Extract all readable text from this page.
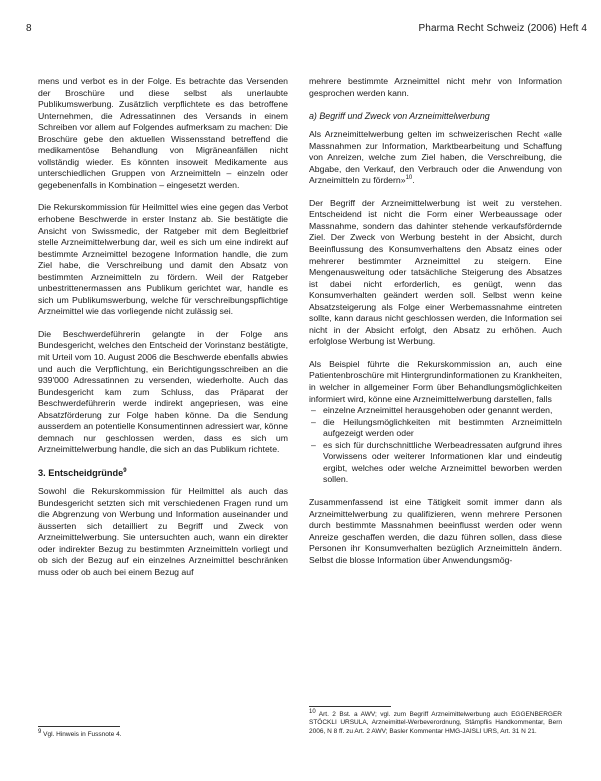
8	Pharma Recht Schweiz (2006) Heft 4

mens und verbot es in der Folge. Es betrachte das Versenden der Broschüre und diese selbst als unerlaubte Publikumswerbung. Zusätzlich verpflichtete es das betroffene Unternehmen, die Adressatinnen des Versands in einem Schreiben vor allem auf Folgendes aufmerksam zu machen: Die Broschüre gebe den aktuellen Wissensstand betreffend die medikamentöse Behandlung von Migräneanfällen nicht vollständig wieder. Es könnten insoweit Medikamente aus unterschiedlichen Gruppen von Arzneimitteln – einzeln oder gegebenenfalls in Kombination – eingesetzt werden.

Die Rekurskommission für Heilmittel wies eine gegen das Verbot erhobene Beschwerde in erster Instanz ab. Sie bestätigte die Ansicht von Swissmedic, der Ratgeber mit dem Begleitbrief stelle Arzneimittelwerbung dar, weil es sich um eine indirekt auf bestimmte Arzneimittel bezogene Information handle, die zum Ziel habe, die Verschreibung und damit den Absatz von bestimmten Arzneimitteln zu fördern. Weil der Ratgeber unbestrittenermassen ans Publikum gerichtet war, handle es sich um Publikumswerbung, welche für verschreibungspflichtige Arzneimittel wie das vorliegende nicht zulässig sei.

Die Beschwerdeführerin gelangte in der Folge ans Bundesgericht, welches den Entscheid der Vorinstanz bestätigte, mit Urteil vom 10. August 2006 die Beschwerde ebenfalls abwies und auch die Verpflichtung, ein Berichtigungsschreiben an die 939'000 Adressatinnen zu versenden, wiederholte. Auch das Bundesgericht kam zum Schluss, das Präparat der Beschwerdeführerin werde indirekt angepriesen, was eine Absatzförderung zur Folge haben könne. Da die Sendung ausserdem an potentielle Konsumentinnen adressiert war, könne demnach nur geschlossen werden, dass es sich um Arzneimittelwerbung handle, die sich an das Publikum richtete.

3. Entscheidgründe$^9$

Sowohl die Rekurskommission für Heilmittel als auch das Bundesgericht setzten sich mit verschiedenen Fragen rund um die Abgrenzung von Werbung und Information auseinander und äusserten sich detailliert zu Begriff und Zweck von Arzneimittelwerbung. Sie untersuchten auch, wann ein direkter oder indirekter Bezug zu bestimmten Arzneimitteln vorliegt und ob sich der Bezug auf ein einzelnes Arzneimittel beschränken muss oder ob auch bei einem Bezug auf

$^9$ Vgl. Hinweis in Fussnote 4.

mehrere bestimmte Arzneimittel nicht mehr von Information gesprochen werden kann.

a) Begriff und Zweck von Arzneimittelwerbung

Als Arzneimittelwerbung gelten im schweizerischen Recht «alle Massnahmen zur Information, Marktbearbeitung und Schaffung von Anreizen, welche zum Ziel haben, die Verschreibung, die Abgabe, den Verkauf, den Verbrauch oder die Anwendung von Arzneimitteln zu fördern»$^{10}$.

Der Begriff der Arzneimittelwerbung ist weit zu verstehen. Entscheidend ist nicht die Form einer Werbeaussage oder Massnahme, sondern das dahinter stehende verkaufsfördernde Ziel. Der Zweck von Werbung besteht in der Absicht, durch Beeinflussung des Konsumverhaltens den Absatz eines oder mehrerer bestimmter Arzneimittel zu steigern. Eine Mengenausweitung oder tatsächliche Steigerung des Absatzes ist dabei nicht erforderlich, es genügt, wenn das Konsumverhalten geändert werden soll. Selbst wenn keine Absatzsteigerung als Folge einer Werbemassnahme eintreten sollte, kann daraus nicht geschlossen werden, die Information sei nicht in der Absicht erfolgt, den Absatz zu erhöhen. Auch erfolglose Werbung ist Werbung.

Als Beispiel führte die Rekurskommission an, auch eine Patientenbroschüre mit Hintergrundinformationen zu Krankheiten, in welcher in allgemeiner Form über Behandlungsmöglichkeiten informiert wird, könne eine Arzneimittelwerbung darstellen, falls

– einzelne Arzneimittel herausgehoben oder genannt werden,
– die Heilungsmöglichkeiten mit bestimmten Arzneimitteln aufgezeigt werden oder
– es sich für durchschnittliche Werbeadressaten aufgrund ihres Vorwissens oder weiterer Informationen klar und eindeutig ergibt, welches oder welche Arzneimittel beworben werden sollen.

Zusammenfassend ist eine Tätigkeit somit immer dann als Arzneimittelwerbung zu qualifizieren, wenn mehrere Personen durch bestimmte Massnahmen beeinflusst werden oder wenn Anreize geschaffen werden, die dazu führen sollen, dass diese Personen ihr Konsumverhalten bezüglich Arzneimitteln ändern. Selbst die blosse Information über Anwendungsmög-

$^{10}$ Art. 2 Bst. a AWV; vgl. zum Begriff Arzneimittelwerbung auch EGGENBERGER STÖCKLI URSULA, Arzneimittel-Werbeverordnung, Stämpflis Handkommentar, Bern 2006, N 8 ff. zu Art. 2 AWV; Basler Kommentar HMG-JAISLI URS, Art. 31 N 21.
